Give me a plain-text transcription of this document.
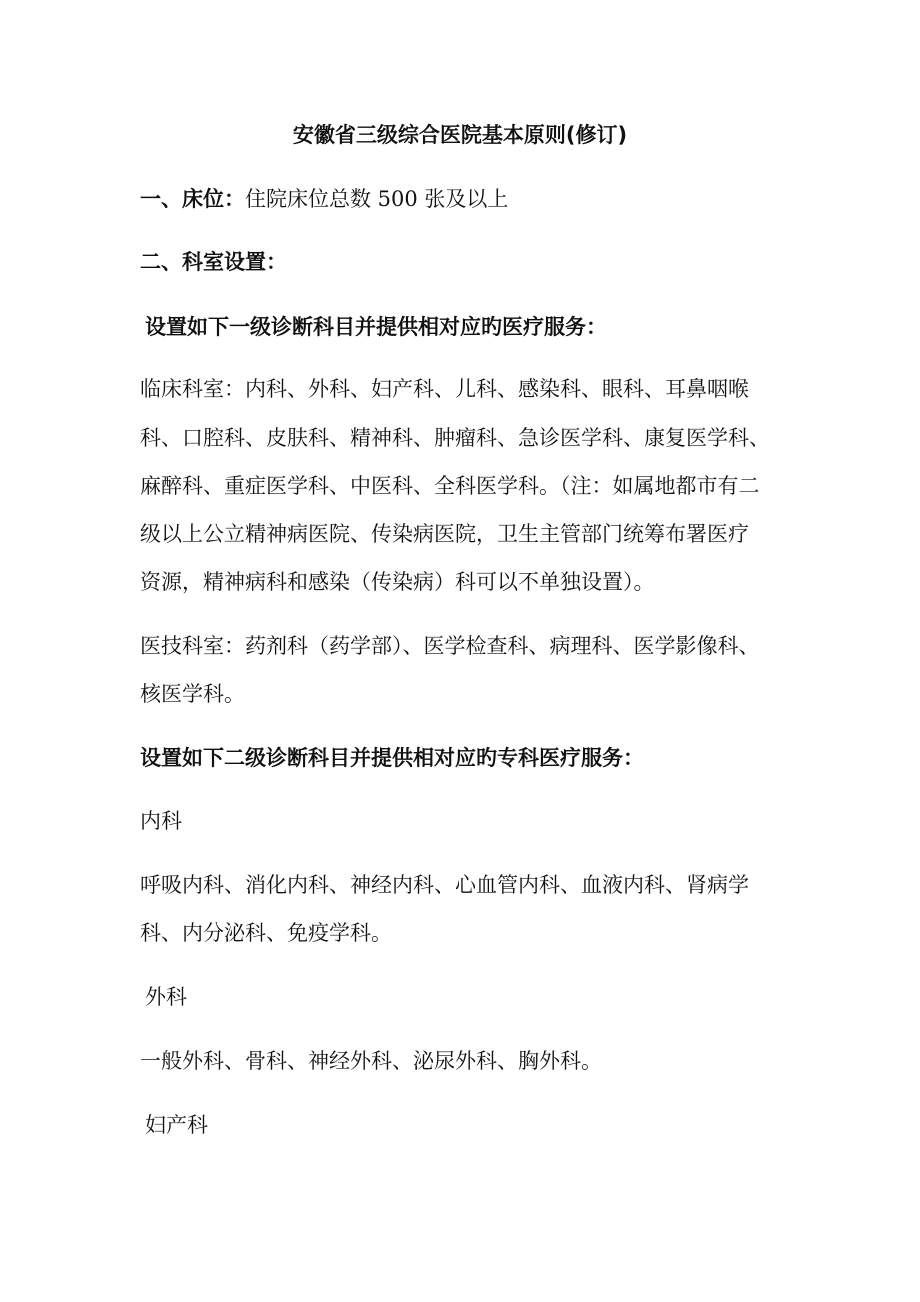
安徽省三级综合医院基本原则(修订)

一、床位：住院床位总数 500 张及以上

二、科室设置：

设置如下一级诊断科目并提供相对应旳医疗服务：

临床科室：内科、外科、妇产科、儿科、感染科、眼科、耳鼻咽喉

科、口腔科、皮肤科、精神科、肿瘤科、急诊医学科、康复医学科、

麻醉科、重症医学科、中医科、全科医学科。（注：如属地都市有二

级以上公立精神病医院、传染病医院，卫生主管部门统筹布署医疗

资源，精神病科和感染（传染病）科可以不单独设置）。

医技科室：药剂科（药学部）、医学检查科、病理科、医学影像科、

核医学科。

设置如下二级诊断科目并提供相对应旳专科医疗服务：

内科

呼吸内科、消化内科、神经内科、心血管内科、血液内科、肾病学

科、内分泌科、免疫学科。

外科

一般外科、骨科、神经外科、泌尿外科、胸外科。

妇产科
